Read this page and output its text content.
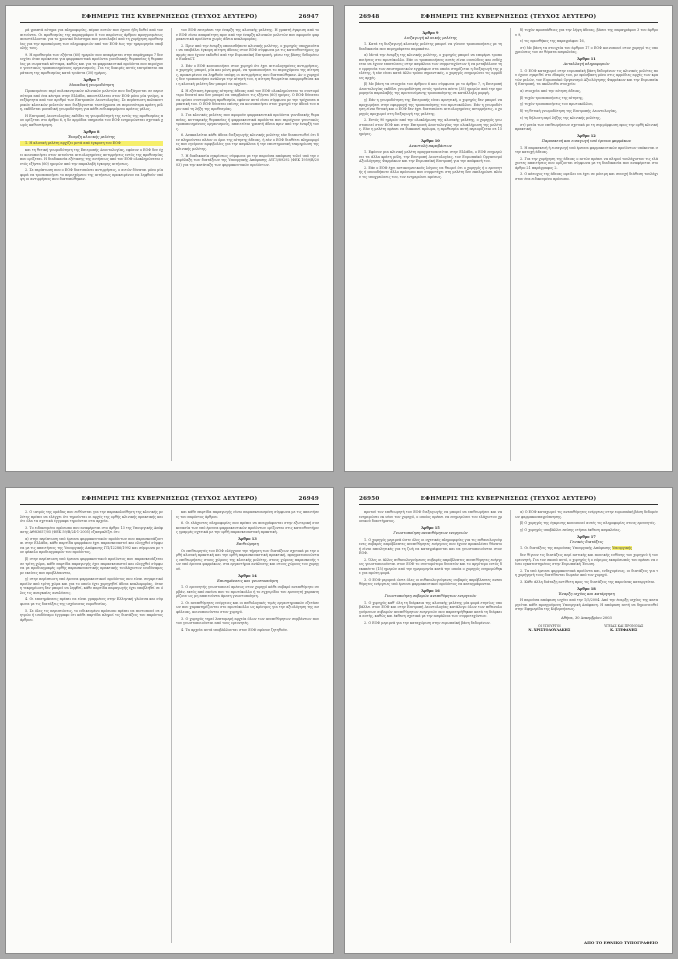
ΕΦΗΜΕΡΙΣ ΤΗΣ ΚΥΒΕΡΝΗΣΕΩΣ (ΤΕΥΧΟΣ ΔΕΥΤΕΡΟ)	26947

ρά γραπτά αίτημα για πληροφορίες, πέραν αυτών που έχουν ήδη δοθεί από τον αιτούντα. Οι προθεσμίες της παραγράφου 8 του παρόντος άρθρου προηγουμένως αναστέλλονται για το χρονικό διάστημα που μεσολαβεί από τη χορήγηση προθεσμίας για την προσκόμιση των πληροφοριών από τον ΕΟΦ έως την ημερομηνία υποβολής τους.

9. Η προθεσμία των εξήντα (60) ημερών που αναφέρεται στην παράγραφο 7 δεν ισχύει όταν πρόκειται για φαρμακευτικά προϊόντα γονιδιακής θεραπείας ή θεραπείας με σωματικά κύτταρα, καθώς και για τα φαρμακευτικά προϊόντα που περιέχουν γενετικώς τροποποιημένους οργανισμούς. Για τις δοκιμές αυτές επιτρέπεται παράταση της προθεσμίας κατά τριάντα (30) ημέρες.

Άρθρο 7
Μοναδική γνωμοδότηση

Προκειμένου περί πολυκεντρικών κλινικών μελετών που διεξάγονται σε περισσότερα από ένα κέντρα στην Ελλάδα, αποστέλλεται στον ΕΟΦ μόνο μία γνώμη, ανεξάρτητα από τον αριθμό των Επιτροπών Δεοντολογίας. Σε περίπτωση πολυκεντρικών κλινικών μελετών που διεξάγονται ταυτόχρονα σε περισσότερα κράτη μέλη, εκδίδεται μοναδική γνωμοδότηση για κάθε ενδιαφερόμενο κράτος μέλος.

Η Επιτροπή Δεοντολογίας εκδίδει τη γνωμοδότησή της εντός της προθεσμίας που ορίζεται στο άρθρο 6, η δε αρμόδια υπηρεσία του ΕΟΦ ενημερώνεται σχετικά χωρίς καθυστέρηση.

Άρθρο 8
Έναρξη κλινικής μελέτης

1. Η κλινική μελέτη αρχίζει μετά από έγκριση του ΕΟΦ

και τη θετική γνωμοδότηση της Επιτροπής Δεοντολογίας, εφόσον ο ΕΟΦ δεν έχει κοινοποιήσει στον αιτούντα αιτιολογημένες αντιρρήσεις εντός της προθεσμίας που ορίζεται. Η διαδικασία εξέτασης της αιτήσεως από τον ΕΟΦ ολοκληρώνεται εντός εξήντα (60) ημερών από την παραλαβή έγκυρης αιτήσεως.

2. Σε περίπτωση που ο ΕΟΦ διατυπώσει αντιρρήσεις, ο αιτών δύναται μόνο μία φορά να τροποποιήσει το περιεχόμενο της αιτήσεως προκειμένου να ληφθούν υπόψη οι αντιρρήσεις που διατυπώθηκαν.

του ΕΟΦ επιτρέπει την έναρξη της κλινικής μελέτης. Η γραπτή έγκριση από τον ΕΟΦ είναι απαραίτητη πριν από την έναρξη κλινικών μελετών που αφορούν φαρμακευτικά προϊόντα χωρίς άδεια κυκλοφορίας.

2. Πριν από την έναρξη οποιασδήποτε κλινικής μελέτης, ο χορηγός υποχρεούται να υποβάλει έγκυρη αίτηση άδειας στον ΕΟΦ σύμφωνα με τις κατευθυντήριες γραμμές που έχουν εκδοθεί από την Ευρωπαϊκή Επιτροπή, μέσω της βάσης δεδομένων EudraCT.

3. Εάν ο ΕΟΦ κοινοποιήσει στον χορηγό ότι έχει αιτιολογημένες αντιρρήσεις, ο χορηγός μπορεί, μία και μόνη φορά, να τροποποιήσει το περιεχόμενο της αίτησης, προκειμένου να ληφθούν υπόψη οι αντιρρήσεις που διατυπώθηκαν. Αν ο χορηγός δεν τροποποιήσει ανάλογα την αίτησή του, η αίτηση θεωρείται απορριφθείσα και η κλινική μελέτη δεν μπορεί να αρχίσει.

4. Η εξέταση έγκυρης αίτησης άδειας από τον ΕΟΦ ολοκληρώνεται το συντομότερο δυνατό και δεν μπορεί να υπερβαίνει τις εξήντα (60) ημέρες. Ο ΕΟΦ δύναται να ορίσει συντομότερη προθεσμία, εφόσον αυτό είναι σύμφωνο με την τρέχουσα πρακτική του. Ο ΕΟΦ δύναται επίσης να κοινοποιήσει στον χορηγό την άδειά του πριν από τη λήξη της προθεσμίας.

5. Για κλινικές μελέτες που αφορούν φαρμακευτικά προϊόντα γονιδιακής θεραπείας, κυτταρικής θεραπείας ή φαρμακευτικά προϊόντα που περιέχουν γενετικώς τροποποιημένους οργανισμούς, απαιτείται γραπτή άδεια πριν από την έναρξή τους.

6. Ανακαλείται κάθε άδεια διεξαγωγής κλινικής μελέτης εάν διαπιστωθεί ότι δεν πληρούνται πλέον οι όροι της αίτησης άδειας, ή εάν ο ΕΟΦ διαθέτει πληροφορίες που εγείρουν αμφιβολίες για την ασφάλεια ή την επιστημονική τεκμηρίωση της κλινικής μελέτης.

7. Η διαδικασία εγκρίσεως σύμφωνα με την παρούσα απόφαση τελεί υπό την επιφύλαξη των διατάξεων της Υπουργικής Απόφασης ΔΥΓ3/89292 (ΦΕΚ 1959/Β/2003) για την κατάταξη των φαρμακευτικών προϊόντων.

ΕΦΗΜΕΡΙΣ ΤΗΣ ΚΥΒΕΡΝΗΣΕΩΣ (ΤΕΥΧΟΣ ΔΕΥΤΕΡΟ)
26948
Άρθρο 9
Διεξαγωγή κλινικής μελέτης

1. Κατά τη διεξαγωγή κλινικής μελέτης μπορεί να γίνουν τροποποιήσεις με τη διαδικασία που περιγράφεται παρακάτω.

α) Μετά την έναρξη της κλινικής μελέτης, ο χορηγός μπορεί να επιφέρει τροποποιήσεις στο πρωτόκολλο. Εάν οι τροποποιήσεις αυτές είναι ουσιώδεις και ενδέχεται να έχουν επιπτώσεις στην ασφάλεια των συμμετεχόντων ή να μεταβάλουν την ερμηνεία των επιστημονικών εγγράφων στα οποία στηρίζεται η διεξαγωγή της μελέτης, ή εάν είναι κατά άλλο τρόπο σημαντικές, ο χορηγός ενημερώνει τις αρμόδιες αρχές.

β) Με βάση τα στοιχεία του άρθρου 6 και σύμφωνα με το άρθρο 7, η Επιτροπή Δεοντολογίας εκδίδει γνωμοδότηση εντός τριάντα πέντε (35) ημερών από την ημερομηνία παραλαβής της προτεινόμενης τροποποίησης σε κατάλληλη μορφή.

γ) Εάν η γνωμοδότηση της Επιτροπής είναι αρνητική, ο χορηγός δεν μπορεί να προχωρήσει στην εφαρμογή της τροποποίησης του πρωτοκόλλου. Εάν η γνωμοδότηση είναι θετική και ο ΕΟΦ δεν έχει διατυπώσει αιτιολογημένες αντιρρήσεις, ο χορηγός προχωρεί στη διεξαγωγή της μελέτης.

2. Εντός 90 ημερών από την ολοκλήρωση της κλινικής μελέτης, ο χορηγός γνωστοποιεί στον ΕΟΦ και στην Επιτροπή Δεοντολογίας την ολοκλήρωση της μελέτης. Εάν η μελέτη πρέπει να διακοπεί πρόωρα, η προθεσμία αυτή περιορίζεται σε 15 ημέρες.

Άρθρο 10
Αναστολή παραβάσεων

1. Εφόσον μια κλινική μελέτη πραγματοποιείται στην Ελλάδα, ο ΕΟΦ ενημερώνει τα άλλα κράτη μέλη, την Επιτροπή Δεοντολογίας, τον Ευρωπαϊκό Οργανισμό Αξιολόγησης Φαρμάκων και την Ευρωπαϊκή Επιτροπή για την απόφασή του.

2. Εάν ο ΕΟΦ έχει αντικειμενικούς λόγους να θεωρεί ότι ο χορηγός ή ο ερευνητής ή οποιοδήποτε άλλο πρόσωπο που συμμετέχει στη μελέτη δεν εκπληρώνει πλέον τις υποχρεώσεις του, τον ενημερώνει αμέσως.

δ) τυχόν προσπάθειες για την λήψη άδειας, βάσει της παραγράφου 3 του άρθρου 9,

ε) τις προσθήκες της παραγράφου 16,

στ) Με βάση τα στοιχεία του άρθρου 17 ο ΕΟΦ κοινοποιεί στον χορηγό τις υποχρεώσεις του σε θέματα ασφαλείας.

Άρθρο 11
Ανταλλαγή πληροφοριών

1. Ο ΕΟΦ καταχωρεί στην ευρωπαϊκή βάση δεδομένων τις κλινικές μελέτες που έχουν εγκριθεί στο έδαφός του, με πρόσβαση μόνο στις αρμόδιες αρχές των κρατών μελών, τον Ευρωπαϊκό Οργανισμό Αξιολόγησης Φαρμάκων και την Ευρωπαϊκή Επιτροπή, τα ακόλουθα στοιχεία:

α) στοιχεία από την αίτηση άδειας,

β) τυχόν τροποποιήσεις της αίτησης,

γ) τυχόν τροποποιήσεις του πρωτοκόλλου,

δ) τη θετική γνωμοδότηση της Επιτροπής Δεοντολογίας,

ε) τη δήλωση περί λήξης της κλινικής μελέτης,

στ) μνεία των επιθεωρήσεων σχετικά με τη συμμόρφωση προς την ορθή κλινική πρακτική.

Άρθρο 12
Παρασκευή και εισαγωγή υπό έρευνα φαρμάκων

1. Η παρασκευή ή εισαγωγή υπό έρευνα φαρμακευτικών προϊόντων υπόκειται στην κατοχή άδειας.

2. Για την χορήγηση της άδειας ο αιτών πρέπει να πληροί τουλάχιστον τις ελάχιστες απαιτήσεις που ορίζονται σύμφωνα με τη διαδικασία που αναφέρεται στο άρθρο 21 παράγραφος 2.

3. Ο κάτοχος της άδειας οφείλει να έχει σε μόνιμη και συνεχή διάθεση τουλάχιστον ένα ειδικευμένο πρόσωπο.

ΕΦΗΜΕΡΙΣ ΤΗΣ ΚΥΒΕΡΝΗΣΕΩΣ (ΤΕΥΧΟΣ ΔΕΥΤΕΡΟ)	26949

2. Ο ιατρός της ομάδας που ευθύνεται για την παρακολούθηση της κλινικής μελέτης πρέπει να ελέγχει ότι τηρούνται οι αρχές της ορθής κλινικής πρακτικής και ότι όλα τα σχετικά έγγραφα τηρούνται στα αρχεία.

3. Το ειδικευμένο πρόσωπο που αναφέρεται στο άρθρο 13 της Υπουργικής Απόφασης ΑΘ83657/05 (ΦΕΚ 59/Β/24-1-2005) εξασφαλίζει ότι:

α) στην περίπτωση υπό έρευνα φαρμακευτικών προϊόντων που παρασκευάζονται στην Ελλάδα, κάθε παρτίδα φαρμάκου έχει παρασκευαστεί και ελεγχθεί σύμφωνα με τις απαιτήσεις της Υπουργικής Απόφασης ΓΠ/12286/1992 και σύμφωνα με τον φάκελο προδιαγραφών του προϊόντος,

β) στην περίπτωση υπό έρευνα φαρμακευτικού προϊόντος που παρασκευάζεται σε τρίτη χώρα, κάθε παρτίδα παραγωγής έχει παρασκευαστεί και ελεγχθεί σύμφωνα με προδιαγραφές ορθής παρασκευαστικής πρακτικής τουλάχιστον ισοδύναμες με εκείνες που προβλέπονται,

γ) στην περίπτωση υπό έρευνα φαρμακευτικού προϊόντος που είναι συγκριτικό προϊόν από τρίτη χώρα και για το οποίο έχει χορηγηθεί άδεια κυκλοφορίας, όταν η τεκμηρίωση δεν μπορεί να ληφθεί, κάθε παρτίδα παραγωγής έχει υποβληθεί σε όλες τις αναγκαίες αναλύσεις.

4. Οι επισημάνσεις πρέπει να είναι γραμμένες στην Ελληνική γλώσσα και σύμφωνα με τις διατάξεις της ισχύουσας νομοθεσίας.

5. Σε όλες τις περιπτώσεις, το ειδικευμένο πρόσωπο πρέπει να πιστοποιεί σε μητρώο ή ισοδύναμο έγγραφο ότι κάθε παρτίδα πληροί τις διατάξεις του παρόντος άρθρου.

και κάθε παρτίδα παραγωγής είναι παρασκευασμένη σύμφωνα με τις απαιτήσεις του παρόντος άρθρου.

6. Οι ελάχιστες πληροφορίες που πρέπει να αναγράφονται στην εξωτερική συσκευασία των υπό έρευνα φαρμακευτικών προϊόντων ορίζονται στις κατευθυντήριες γραμμές σχετικά με την ορθή παρασκευαστική πρακτική.

Άρθρο 13
Επιθεώρηση

Οι επιθεωρητές του ΕΟΦ ελέγχουν την τήρηση των διατάξεων σχετικά με την ορθή κλινική πρακτική και την ορθή παρασκευαστική πρακτική, πραγματοποιώντας επιθεωρήσεις στους χώρους της κλινικής μελέτης, στους χώρους παρασκευής των υπό έρευνα φαρμάκων, στα εργαστήρια ανάλυσης και στους χώρους του χορηγού.

Άρθρο 14
Επισημάνσεις και γνωστοποίηση

1. Ο ερευνητής γνωστοποιεί αμέσως στον χορηγό κάθε σοβαρό ανεπιθύμητο συμβάν, εκτός από εκείνα που το πρωτόκολλο ή το εγχειρίδιο του ερευνητή χαρακτηρίζουν ως μη απαιτούντα άμεση γνωστοποίηση.

2. Οι ανεπιθύμητες ενέργειες και οι παθολογικές τιμές εργαστηριακών εξετάσεων που χαρακτηρίζονται στο πρωτόκολλο ως κρίσιμες για την αξιολόγηση της ασφάλειας, κοινοποιούνται στον χορηγό.

3. Ο χορηγός τηρεί λεπτομερή αρχεία όλων των ανεπιθύμητων συμβάντων που του γνωστοποιούνται από τους ερευνητές.

4. Τα αρχεία αυτά υποβάλλονται στον ΕΟΦ εφόσον ζητηθούν.

ΕΦΗΜΕΡΙΣ ΤΗΣ ΚΥΒΕΡΝΗΣΕΩΣ (ΤΕΥΧΟΣ ΔΕΥΤΕΡΟ)
26950

προτού τον επιθεωρητή του ΕΟΦ διεξαγωγής να μπορεί να επιθεωρήσει και να ενημερώσει εκ νέου τον χορηγό, ο οποίος πρέπει να ενημερώσει του ελάχιστου χρονικού διαστήματος.

Άρθρο 15
Γνωστοποίηση ανεπιθύμητων ενεργειών

1. Ο χορηγός μεριμνά ώστε όλες οι σχετικές πληροφορίες για τις πιθανολογούμενες σοβαρές απρόβλεπτες ανεπιθύμητες ενέργειες που έχουν προκαλέσει θάνατο ή είναι απειλητικές για τη ζωή να καταγράφονται και να γνωστοποιούνται στον ΕΟΦ.

2. Όλες οι άλλες πιθανολογούμενες σοβαρές απρόβλεπτες ανεπιθύμητες ενέργειες γνωστοποιούνται στον ΕΟΦ το συντομότερο δυνατόν και το αργότερο εντός δεκαπέντε (15) ημερών από την ημερομηνία κατά την οποία ο χορηγός ενημερώθηκε για πρώτη φορά.

3. Ο ΕΟΦ μεριμνά ώστε όλες οι πιθανολογούμενες σοβαρές απρόβλεπτες ανεπιθύμητες ενέργειες υπό έρευνα φαρμακευτικού προϊόντος να καταγράφονται.

Άρθρο 16
Γνωστοποίηση σοβαρών ανεπιθύμητων ενεργειών

1. Ο χορηγός καθ' όλη τη διάρκεια της κλινικής μελέτης μία φορά ετησίως υποβάλλει στον ΕΟΦ και στην Επιτροπή Δεοντολογίας κατάλογο όλων των πιθανολογούμενων σοβαρών ανεπιθύμητων ενεργειών που παρατηρήθηκαν κατά τη διάρκεια αυτής, καθώς και έκθεση σχετικά με την ασφάλεια των συμμετεχόντων.

2. Ο ΕΟΦ μεριμνά για την καταχώριση στην ευρωπαϊκή βάση δεδομένων.

α) Ο ΕΟΦ καταχωρεί τις ανεπιθύμητες ενέργειες στην ευρωπαϊκή βάση δεδομένων φαρμακοεπαγρύπνησης.

β) Ο χορηγός της έγκρισης κοινοποιεί αυτές τις πληροφορίες στους ερευνητές.

γ) Ο χορηγός υποβάλλει επίσης ετήσια έκθεση ασφαλείας.

Άρθρο 17
Γενικές διατάξεις

1. Οι διατάξεις της παρούσας Υπουργικής Απόφασης Υπουργικής

δεν θίγουν τις διατάξεις περί αστικής και ποινικής ευθύνης του χορηγού ή του ερευνητή. Για τον σκοπό αυτό, ο χορηγός ή ο νόμιμος εκπρόσωπός του πρέπει να είναι εγκατεστημένος στην Ευρωπαϊκή Ένωση.

2. Τα υπό έρευνα φαρμακευτικά προϊόντα και, ενδεχομένως, οι διατάξεις για τη χορήγησή τους διατίθενται δωρεάν από τον χορηγό.

3. Κάθε άλλη διάταξη αντίθετη προς τις διατάξεις της παρούσας καταργείται.

Άρθρο 18
Έναρξη ισχύος και κατάργηση

Η παρούσα απόφαση ισχύει από την 1/5/2004. Από την έναρξη ισχύος της καταργείται κάθε προηγούμενη Υπουργική Απόφαση. Η απόφαση αυτή να δημοσιευθεί στην Εφημερίδα της Κυβερνήσεως.

Αθήνα, 30 Δεκεμβρίου 2003
ΟΙ ΥΠΟΥΡΓΟΙ
Ν. ΧΡΙΣΤΟΔΟΥΛΑΚΗΣ
ΥΓΕΙΑΣ ΚΑΙ ΠΡΟΝΟΙΑΣ
Κ. ΣΤΕΦΑΝΗΣ
ΑΠΟ ΤΟ ΕΘΝΙΚΟ ΤΥΠΟΓΡΑΦΕΙΟ
